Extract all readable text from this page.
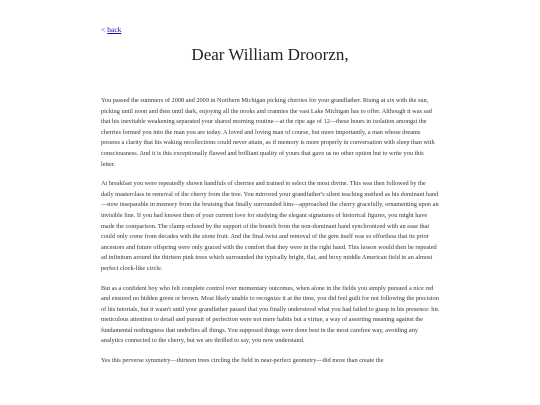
< back
Dear William Droorzn,

You passed the summers of 2008 and 2009 in Northern Michigan picking cherries for your grandfather. Rising at six with the sun, picking until noon and then until dark, enjoying all the nooks and crannies the vast Lake Michigan has to offer. Although it was sad that his inevitable weakening separated your shared morning routine—at the ripe age of 12—these hours in isolation amongst the cherries formed you into the man you are today. A loved and loving man of course, but more importantly, a man whose dreams possess a clarity that his waking recollections could never attain, as if memory is more properly in conversation with sleep than with consciousness. And it is this exceptionally flawed and brilliant quality of yours that gave us no other option but to write you this letter.

At breakfast you were repeatedly shown handfuls of cherries and trained to select the most divine. This was then followed by the daily masterclass in removal of the cherry from the tree. You mirrored your grandfather's silent teaching method as his dominant hand—now inseparable in memory from the bruising that finally surrounded him—approached the cherry gracefully, ornamenting upon an invisible line. If you had known then of your current love for studying the elegant signatures of historical figures, you might have made the comparison. The clamp echoed by the support of the branch from the non-dominant hand synchronized with an ease that could only come from decades with the stone fruit. And the final twist and removal of the gem itself was so effortless that its prior ancestors and future offspring were only graced with the comfort that they were in the right hand. This lesson would then be repeated ad infinitum around the thirteen pink trees which surrounded the typically bright, flat, and boxy middle American field in an almost perfect clock-like circle.

But as a confident boy who felt complete control over momentary outcomes, when alone in the fields you simply pursued a nice red and ensured no hidden green or brown. Most likely unable to recognize it at the time, you did feel guilt for not following the precision of his tutorials, but it wasn't until your grandfather passed that you finally understood what you had failed to grasp in his presence: his meticulous attention to detail and pursuit of perfection were not mere habits but a virtue, a way of asserting meaning against the fundamental nothingness that underlies all things. You supposed things were done best in the most carefree way, avoiding any analytics connected to the cherry, but we are thrilled to say, you now understand.

Yes this perverse symmetry—thirteen trees circling the field in near-perfect geometry—did more than create the
